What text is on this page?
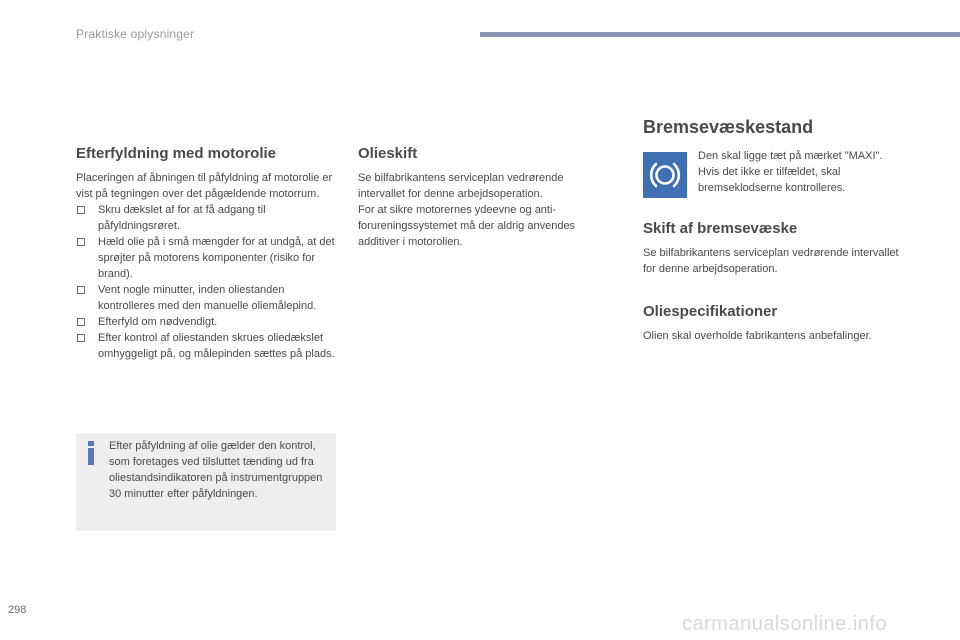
Praktiske oplysninger
Efterfyldning med motorolie

Placeringen af åbningen til påfyldning af motorolie er vist på tegningen over det pågældende motorrum.

Skru dækslet af for at få adgang til påfyldningsrøret.
Hæld olie på i små mængder for at undgå, at det sprøjter på motorens komponenter (risiko for brand).
Vent nogle minutter, inden oliestanden kontrolleres med den manuelle oliemålepind.
Efterfyld om nødvendigt.
Efter kontrol af oliestanden skrues oliedækslet omhyggeligt på, og målepinden sættes på plads.
Efter påfyldning af olie gælder den kontrol, som foretages ved tilsluttet tænding ud fra oliestandsindikatoren på instrumentgruppen 30 minutter efter påfyldningen.
Olieskift

Se bilfabrikantens serviceplan vedrørende intervallet for denne arbejdsoperation.

For at sikre motorernes ydeevne og anti-forureningssystemet må der aldrig anvendes additiver i motorolien.

Bremsevæskestand
Den skal ligge tæt på mærket "MAXI". Hvis det ikke er tilfældet, skal bremseklodserne kontrolleres.
Skift af bremsevæske

Se bilfabrikantens serviceplan vedrørende intervallet for denne arbejdsoperation.

Oliespecifikationer

Olien skal overholde fabrikantens anbefalinger.

298
carmanualsonline.info
